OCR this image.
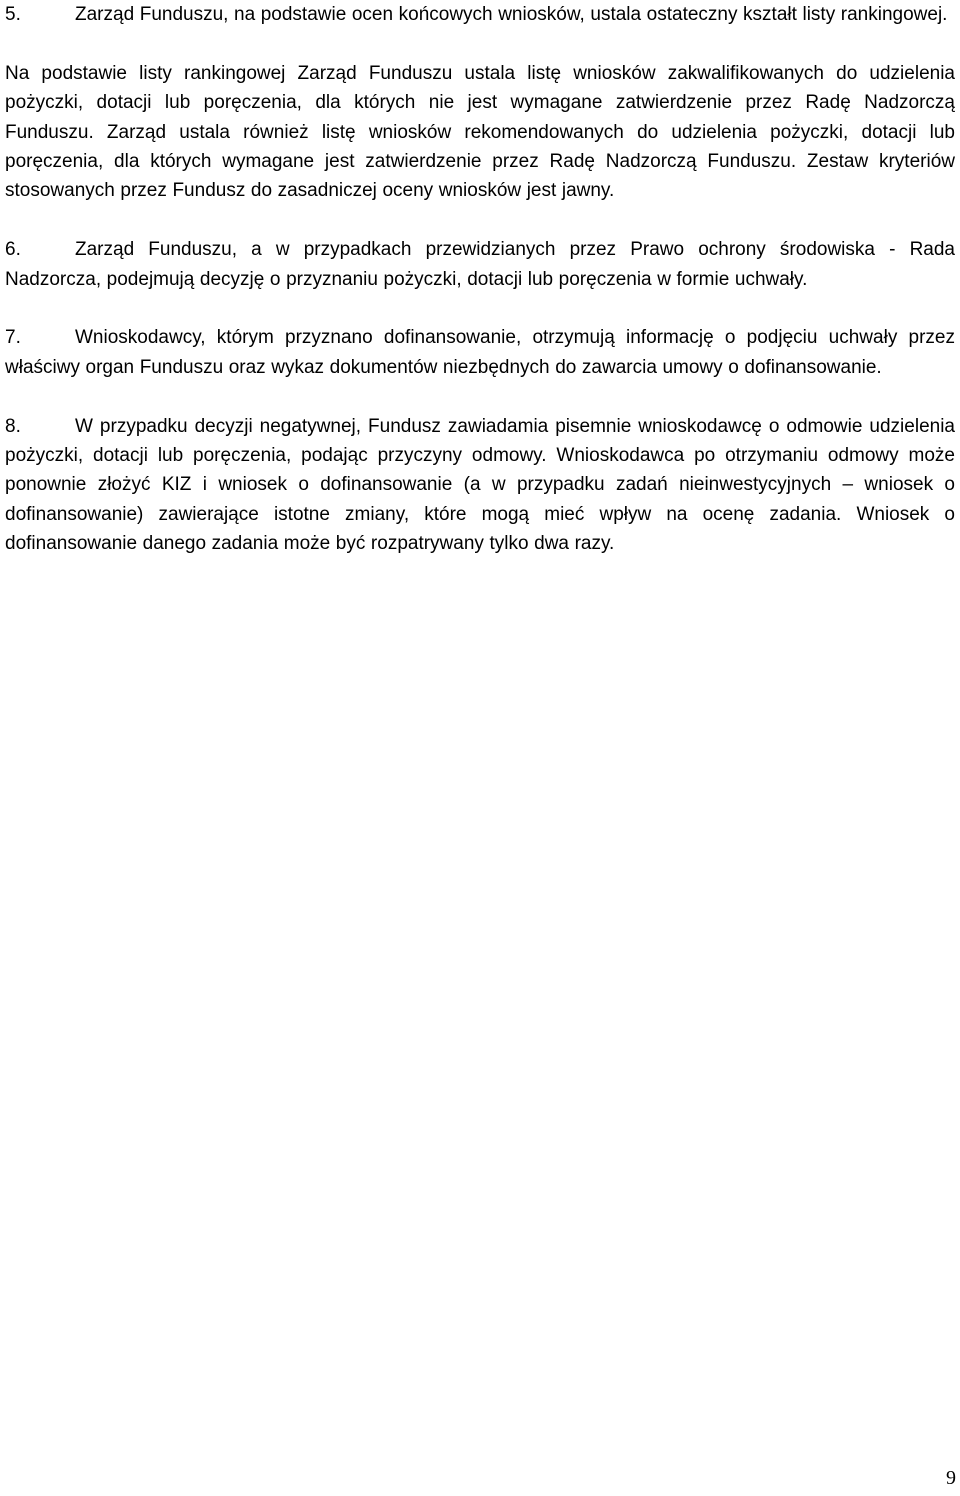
5.	Zarząd Funduszu, na podstawie ocen końcowych wniosków, ustala ostateczny kształt listy rankingowej.

Na podstawie listy rankingowej Zarząd Funduszu ustala listę wniosków zakwalifikowanych do udzielenia pożyczki, dotacji lub poręczenia, dla których nie jest wymagane zatwierdzenie przez Radę Nadzorczą Funduszu. Zarząd ustala również listę wniosków rekomendowanych do udzielenia pożyczki, dotacji lub poręczenia, dla których wymagane jest zatwierdzenie przez Radę Nadzorczą Funduszu. Zestaw kryteriów stosowanych przez Fundusz do zasadniczej oceny wniosków jest jawny.

6.	Zarząd Funduszu, a w przypadkach przewidzianych przez Prawo ochrony środowiska - Rada Nadzorcza, podejmują decyzję o przyznaniu pożyczki, dotacji lub poręczenia w formie uchwały.

7.	Wnioskodawcy, którym przyznano dofinansowanie, otrzymują informację o podjęciu uchwały przez właściwy organ Funduszu oraz wykaz dokumentów niezbędnych do zawarcia umowy o dofinansowanie.

8.	W przypadku decyzji negatywnej, Fundusz zawiadamia pisemnie wnioskodawcę o odmowie udzielenia pożyczki, dotacji lub poręczenia, podając przyczyny odmowy. Wnioskodawca po otrzymaniu odmowy może ponownie złożyć KIZ i wniosek o dofinansowanie (a w przypadku zadań nieinwestycyjnych – wniosek o dofinansowanie) zawierające istotne zmiany, które mogą mieć wpływ na ocenę zadania. Wniosek o dofinansowanie danego zadania może być rozpatrywany tylko dwa razy.

9
